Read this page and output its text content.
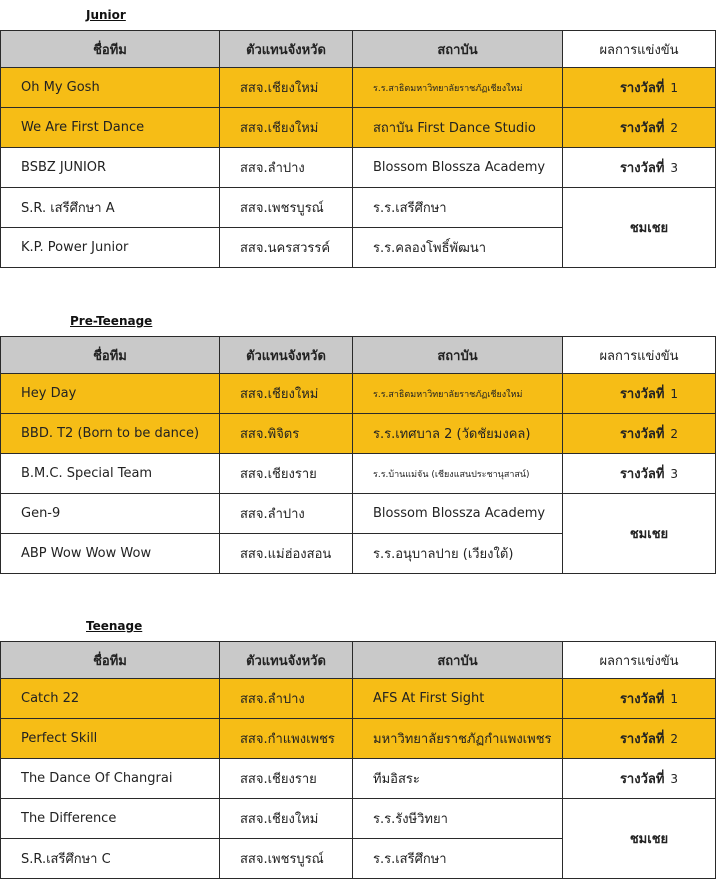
Junior
ชื่อทีม	ตัวแทนจังหวัด	สถาบัน	ผลการแข่งขัน
Oh My Gosh	สสจ.เชียงใหม่	ร.ร.สาธิตมหาวิทยาลัยราชภัฏเชียงใหม่	รางวัลที่ 1
We Are First Dance	สสจ.เชียงใหม่	สถาบัน First Dance Studio	รางวัลที่ 2
BSBZ JUNIOR	สสจ.ลำปาง	Blossom Blossza Academy	รางวัลที่ 3
S.R. เสรีศึกษา A	สสจ.เพชรบูรณ์	ร.ร.เสรีศึกษา	ชมเชย
K.P. Power Junior	สสจ.นครสวรรค์	ร.ร.คลองโพธิ์พัฒนา	
Pre-Teenage
ชื่อทีม	ตัวแทนจังหวัด	สถาบัน	ผลการแข่งขัน
Hey Day	สสจ.เชียงใหม่	ร.ร.สาธิตมหาวิทยาลัยราชภัฏเชียงใหม่	รางวัลที่ 1
BBD. T2 (Born to be dance)	สสจ.พิจิตร	ร.ร.เทศบาล 2 (วัดชัยมงคล)	รางวัลที่ 2
B.M.C. Special Team	สสจ.เชียงราย	ร.ร.บ้านแม่จัน (เชียงแสนประชานุสาสน์)	รางวัลที่ 3
Gen-9	สสจ.ลำปาง	Blossom Blossza Academy	ชมเชย
ABP Wow Wow Wow	สสจ.แม่ฮ่องสอน	ร.ร.อนุบาลปาย (เวียงใต้)	
Teenage
ชื่อทีม	ตัวแทนจังหวัด	สถาบัน	ผลการแข่งขัน
Catch 22	สสจ.ลำปาง	AFS At First Sight	รางวัลที่ 1
Perfect Skill	สสจ.กำแพงเพชร	มหาวิทยาลัยราชภัฏกำแพงเพชร	รางวัลที่ 2
The Dance Of Changrai	สสจ.เชียงราย	ทีมอิสระ	รางวัลที่ 3
The Difference	สสจ.เชียงใหม่	ร.ร.รังษีวิทยา	ชมเชย
S.R.เสรีศึกษา C	สสจ.เพชรบูรณ์	ร.ร.เสรีศึกษา	
